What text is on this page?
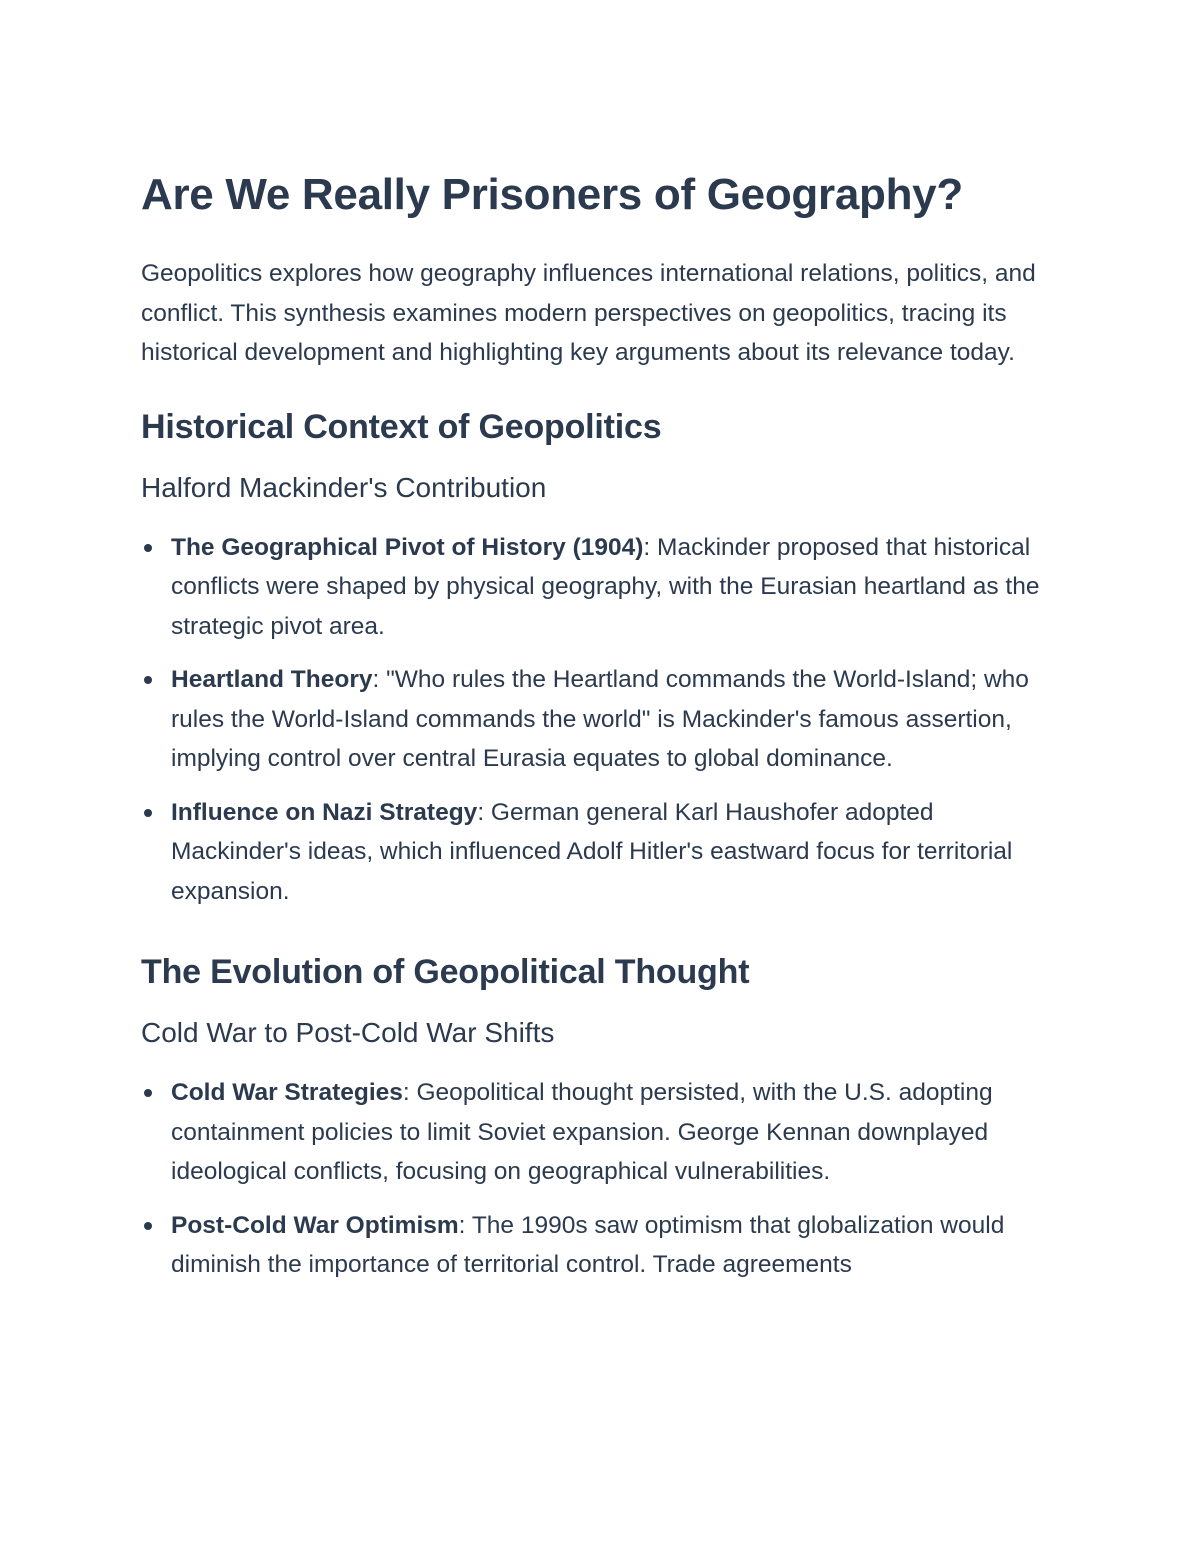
Are We Really Prisoners of Geography?

Geopolitics explores how geography influences international relations, politics, and conflict. This synthesis examines modern perspectives on geopolitics, tracing its historical development and highlighting key arguments about its relevance today.

Historical Context of Geopolitics
Halford Mackinder's Contribution
The Geographical Pivot of History (1904): Mackinder proposed that historical conflicts were shaped by physical geography, with the Eurasian heartland as the strategic pivot area.
Heartland Theory: "Who rules the Heartland commands the World-Island; who rules the World-Island commands the world" is Mackinder's famous assertion, implying control over central Eurasia equates to global dominance.
Influence on Nazi Strategy: German general Karl Haushofer adopted Mackinder's ideas, which influenced Adolf Hitler's eastward focus for territorial expansion.
The Evolution of Geopolitical Thought
Cold War to Post-Cold War Shifts
Cold War Strategies: Geopolitical thought persisted, with the U.S. adopting containment policies to limit Soviet expansion. George Kennan downplayed ideological conflicts, focusing on geographical vulnerabilities.
Post-Cold War Optimism: The 1990s saw optimism that globalization would diminish the importance of territorial control. Trade agreements
